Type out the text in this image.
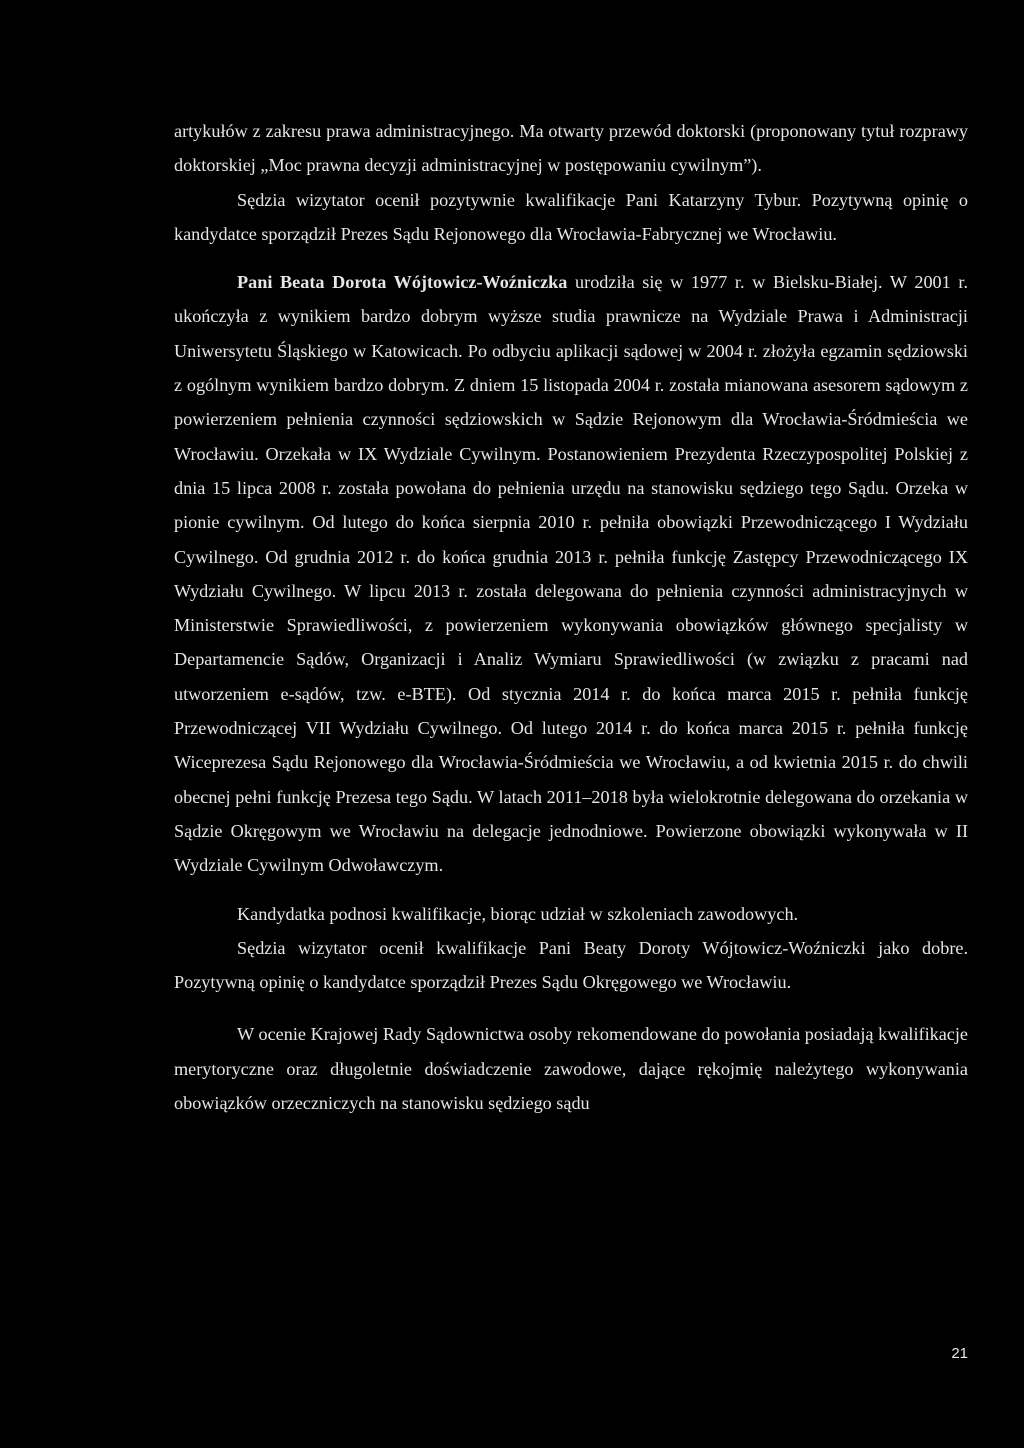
artykułów z zakresu prawa administracyjnego. Ma otwarty przewód doktorski (proponowany tytuł rozprawy doktorskiej „Moc prawna decyzji administracyjnej w postępowaniu cywilnym”).

Sędzia wizytator ocenił pozytywnie kwalifikacje Pani Katarzyny Tybur. Pozytywną opinię o kandydatce sporządził Prezes Sądu Rejonowego dla Wrocławia-Fabrycznej we Wrocławiu.

Pani Beata Dorota Wójtowicz-Woźniczka urodziła się w 1977 r. w Bielsku-Białej. W 2001 r. ukończyła z wynikiem bardzo dobrym wyższe studia prawnicze na Wydziale Prawa i Administracji Uniwersytetu Śląskiego w Katowicach. Po odbyciu aplikacji sądowej w 2004 r. złożyła egzamin sędziowski z ogólnym wynikiem bardzo dobrym. Z dniem 15 listopada 2004 r. została mianowana asesorem sądowym z powierzeniem pełnienia czynności sędziowskich w Sądzie Rejonowym dla Wrocławia-Śródmieścia we Wrocławiu. Orzekała w IX Wydziale Cywilnym. Postanowieniem Prezydenta Rzeczypospolitej Polskiej z dnia 15 lipca 2008 r. została powołana do pełnienia urzędu na stanowisku sędziego tego Sądu. Orzeka w pionie cywilnym. Od lutego do końca sierpnia 2010 r. pełniła obowiązki Przewodniczącego I Wydziału Cywilnego. Od grudnia 2012 r. do końca grudnia 2013 r. pełniła funkcję Zastępcy Przewodniczącego IX Wydziału Cywilnego. W lipcu 2013 r. została delegowana do pełnienia czynności administracyjnych w Ministerstwie Sprawiedliwości, z powierzeniem wykonywania obowiązków głównego specjalisty w Departamencie Sądów, Organizacji i Analiz Wymiaru Sprawiedliwości (w związku z pracami nad utworzeniem e-sądów, tzw. e-BTE). Od stycznia 2014 r. do końca marca 2015 r. pełniła funkcję Przewodniczącej VII Wydziału Cywilnego. Od lutego 2014 r. do końca marca 2015 r. pełniła funkcję Wiceprezesa Sądu Rejonowego dla Wrocławia-Śródmieścia we Wrocławiu, a od kwietnia 2015 r. do chwili obecnej pełni funkcję Prezesa tego Sądu. W latach 2011–2018 była wielokrotnie delegowana do orzekania w Sądzie Okręgowym we Wrocławiu na delegacje jednodniowe. Powierzone obowiązki wykonywała w II Wydziale Cywilnym Odwoławczym.

Kandydatka podnosi kwalifikacje, biorąc udział w szkoleniach zawodowych.

Sędzia wizytator ocenił kwalifikacje Pani Beaty Doroty Wójtowicz-Woźniczki jako dobre. Pozytywną opinię o kandydatce sporządził Prezes Sądu Okręgowego we Wrocławiu.

W ocenie Krajowej Rady Sądownictwa osoby rekomendowane do powołania posiadają kwalifikacje merytoryczne oraz długoletnie doświadczenie zawodowe, dające rękojmię należytego wykonywania obowiązków orzeczniczych na stanowisku sędziego sądu

21
